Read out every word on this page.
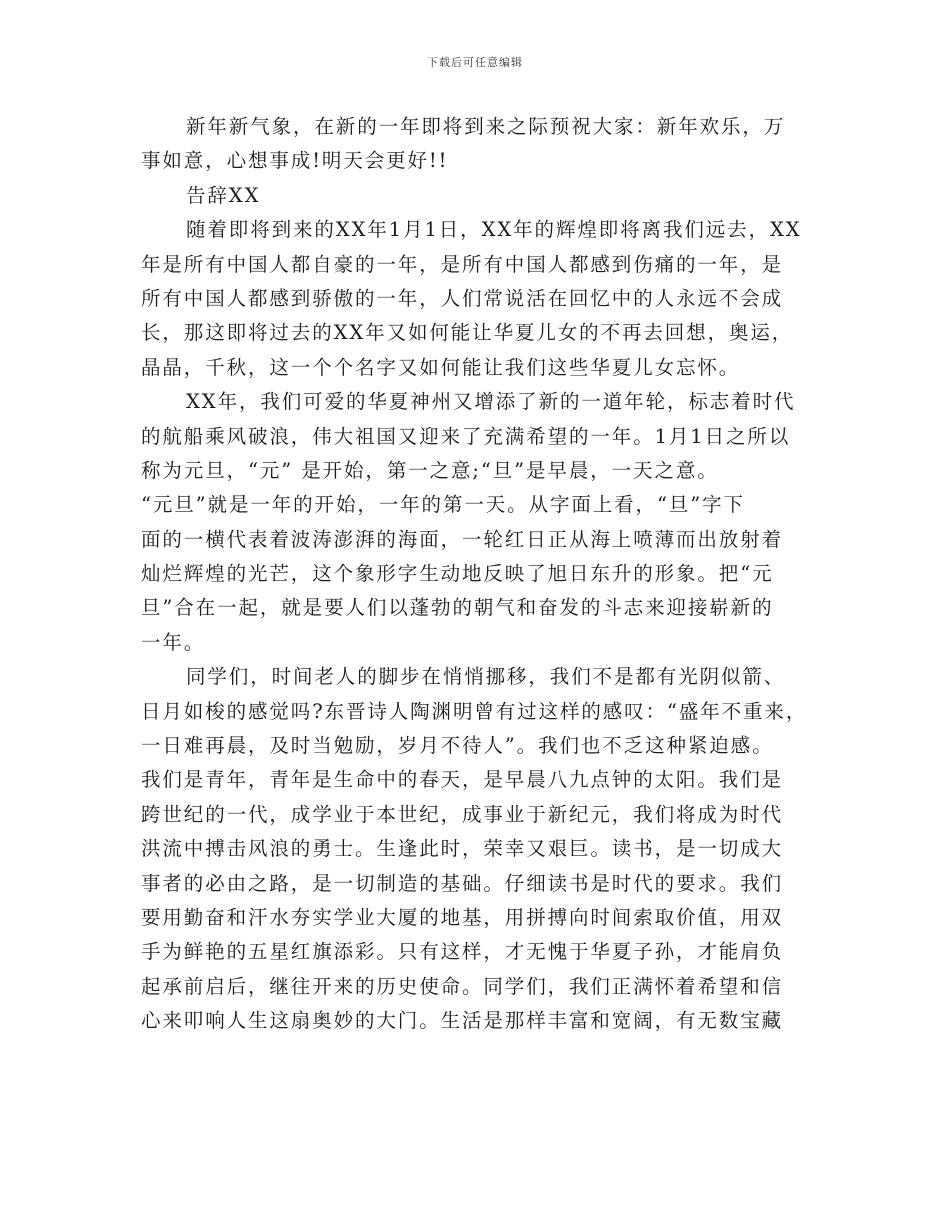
下载后可任意编辑
新年新气象，在新的一年即将到来之际预祝大家：新年欢乐，万
事如意，心想事成!明天会更好!!
告辞XX
随着即将到来的XX年1月1日，XX年的辉煌即将离我们远去，XX
年是所有中国人都自豪的一年，是所有中国人都感到伤痛的一年，是
所有中国人都感到骄傲的一年，人们常说活在回忆中的人永远不会成
长，那这即将过去的XX年又如何能让华夏儿女的不再去回想，奥运，
晶晶，千秋，这一个个名字又如何能让我们这些华夏儿女忘怀。
XX年，我们可爱的华夏神州又增添了新的一道年轮，标志着时代
的航船乘风破浪，伟大祖国又迎来了充满希望的一年。1月1日之所以
称为元旦，“元” 是开始，第一之意;“旦”是早晨，一天之意。
“元旦”就是一年的开始，一年的第一天。从字面上看，“旦”字下
面的一横代表着波涛澎湃的海面，一轮红日正从海上喷薄而出放射着
灿烂辉煌的光芒，这个象形字生动地反映了旭日东升的形象。把“元
旦”合在一起，就是要人们以蓬勃的朝气和奋发的斗志来迎接崭新的
一年。
同学们，时间老人的脚步在悄悄挪移，我们不是都有光阴似箭、
日月如梭的感觉吗?东晋诗人陶渊明曾有过这样的感叹：“盛年不重来，
一日难再晨，及时当勉励，岁月不待人”。我们也不乏这种紧迫感。
我们是青年，青年是生命中的春天，是早晨八九点钟的太阳。我们是
跨世纪的一代，成学业于本世纪，成事业于新纪元，我们将成为时代
洪流中搏击风浪的勇士。生逢此时，荣幸又艰巨。读书，是一切成大
事者的必由之路，是一切制造的基础。仔细读书是时代的要求。我们
要用勤奋和汗水夯实学业大厦的地基，用拼搏向时间索取价值，用双
手为鲜艳的五星红旗添彩。只有这样，才无愧于华夏子孙，才能肩负
起承前启后，继往开来的历史使命。同学们，我们正满怀着希望和信
心来叩响人生这扇奥妙的大门。生活是那样丰富和宽阔，有无数宝藏
